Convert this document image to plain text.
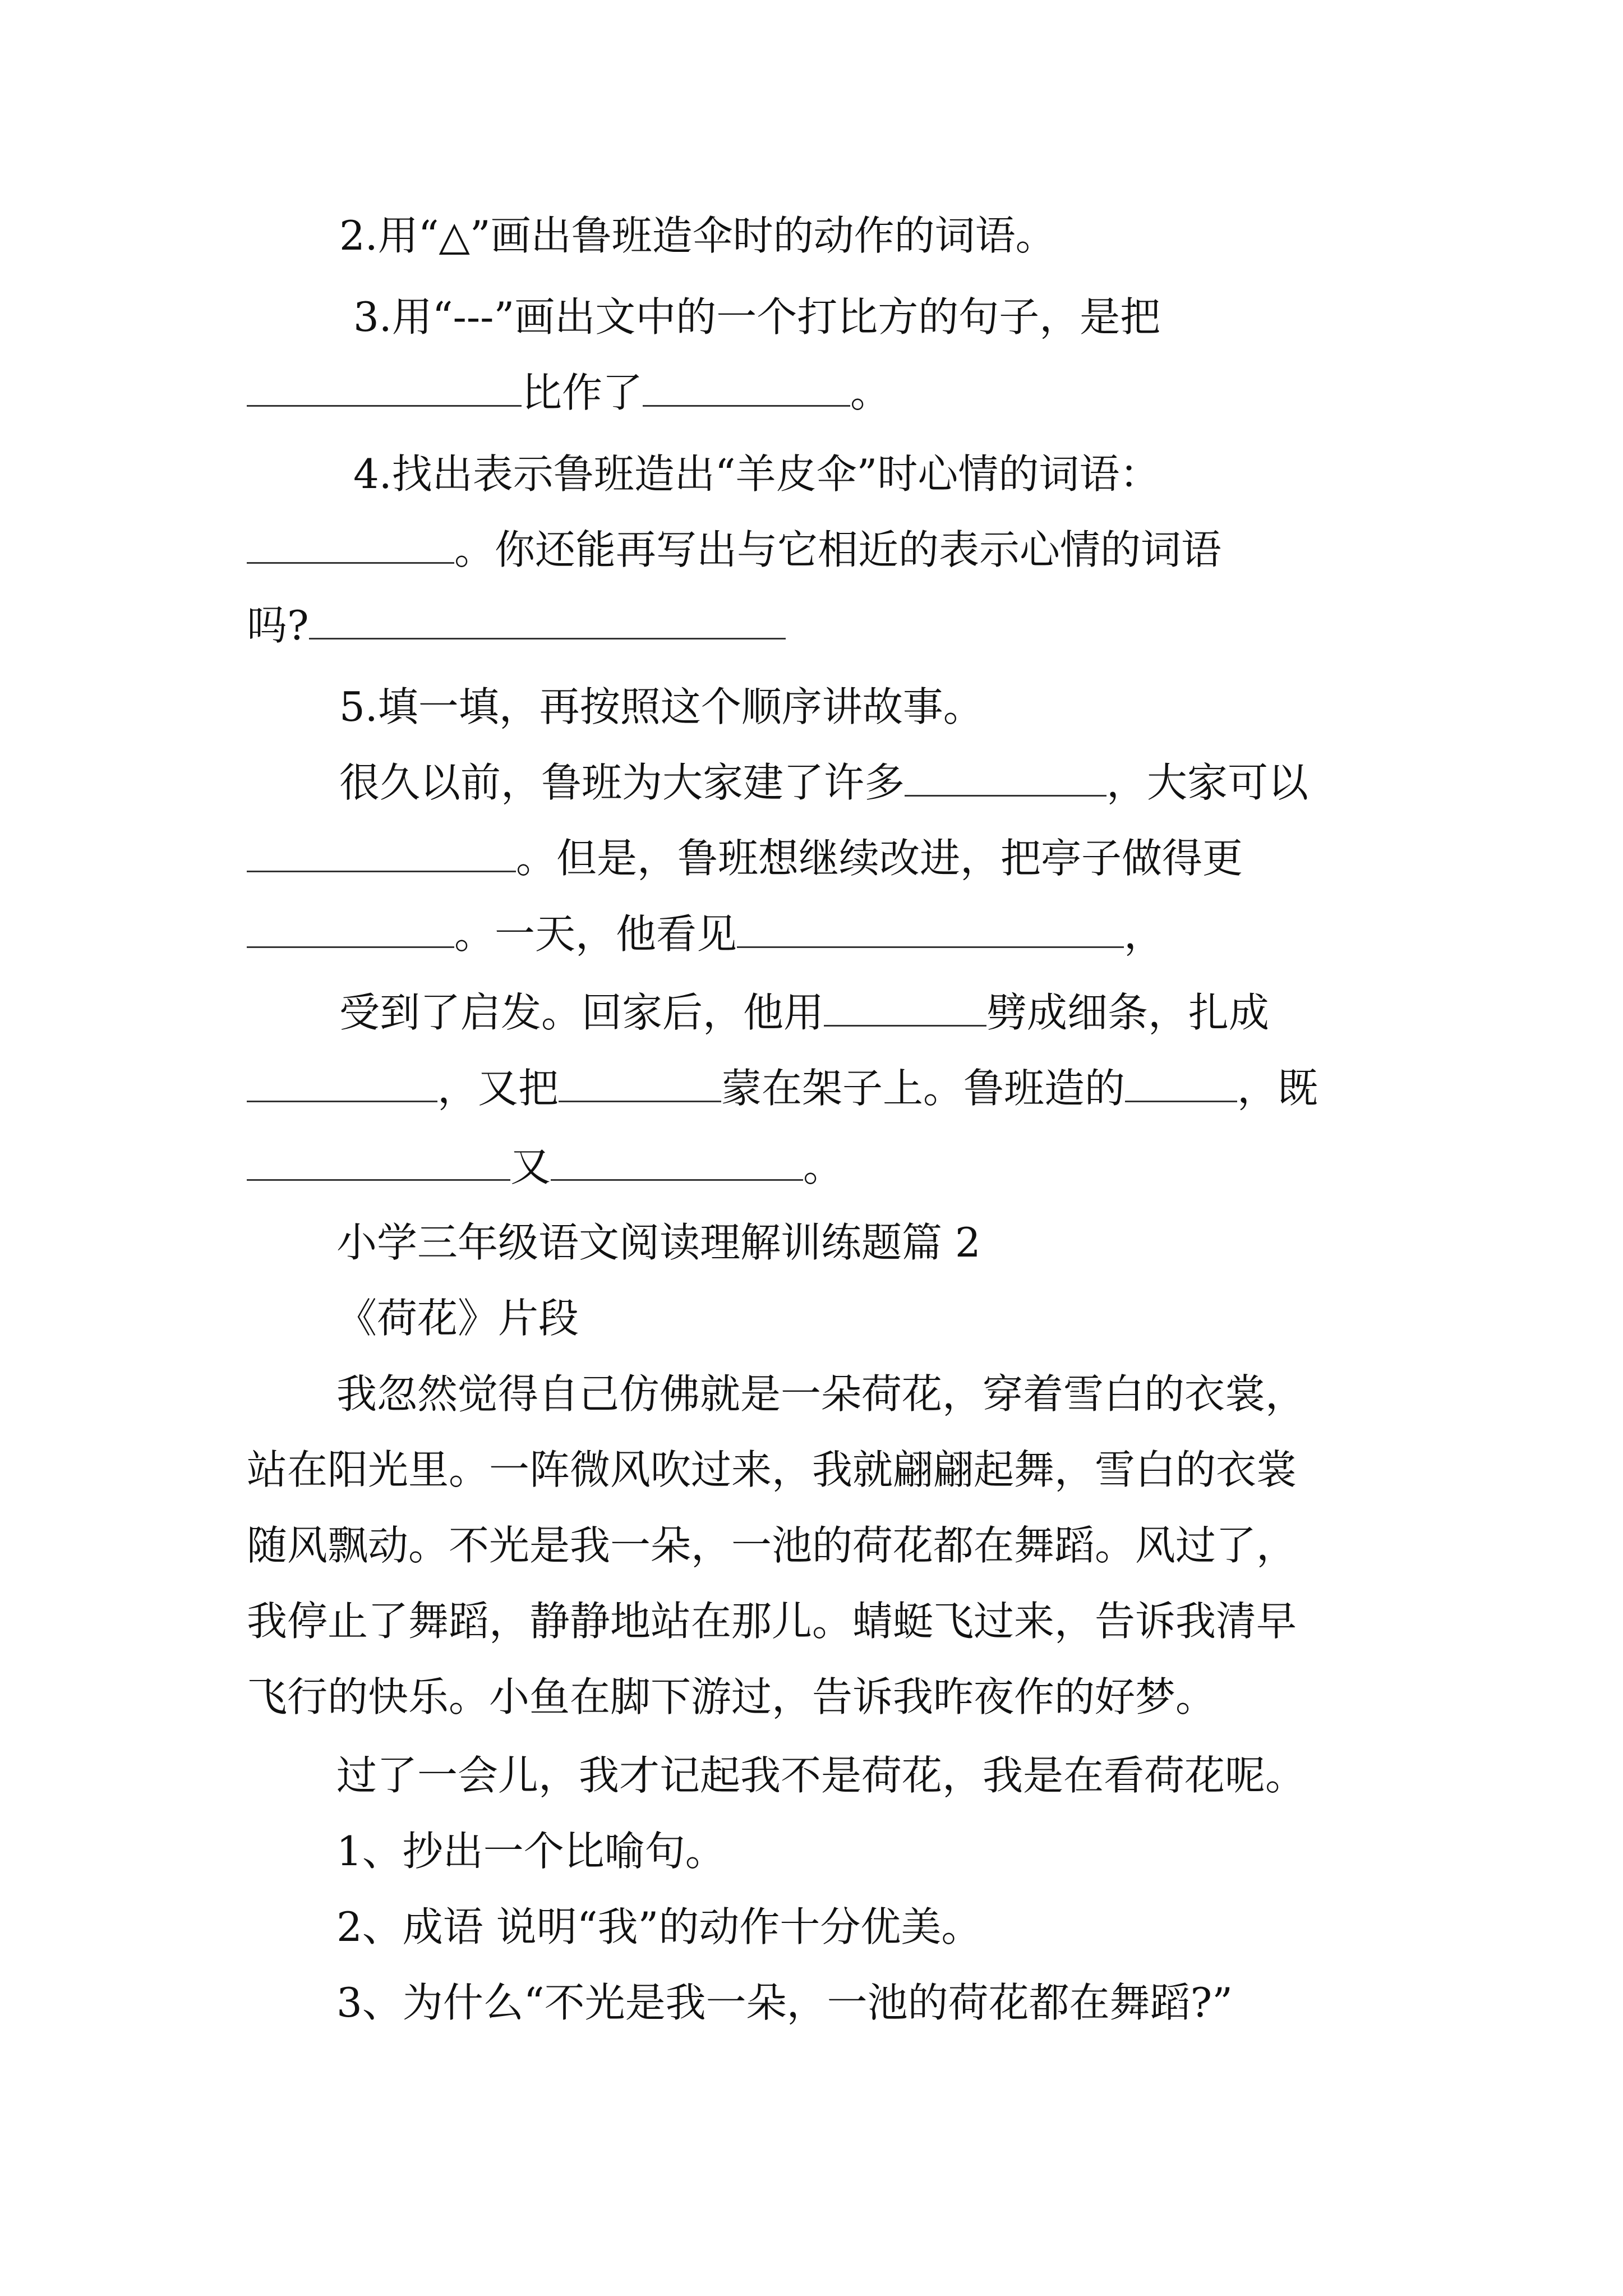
2.用“△”画出鲁班造伞时的动作的词语。
3.用“---”画出文中的一个打比方的句子，是把
比作了	。
4.找出表示鲁班造出“羊皮伞”时心情的词语：
。你还能再写出与它相近的表示心情的词语
吗?
5.填一填，再按照这个顺序讲故事。
很久以前，鲁班为大家建了许多	，大家可以
。但是，鲁班想继续改进，把亭子做得更
。一天，他看见	，
受到了启发。回家后，他用	劈成细条，扎成
，又把	蒙在架子上。鲁班造的	，既
又	。
小学三年级语文阅读理解训练题篇 2
《荷花》片段
我忽然觉得自己仿佛就是一朵荷花，穿着雪白的衣裳，
站在阳光里。一阵微风吹过来，我就翩翩起舞，雪白的衣裳
随风飘动。不光是我一朵，一池的荷花都在舞蹈。风过了，
我停止了舞蹈，静静地站在那儿。蜻蜓飞过来，告诉我清早
飞行的快乐。小鱼在脚下游过，告诉我昨夜作的好梦。
过了一会儿，我才记起我不是荷花，我是在看荷花呢。
1、抄出一个比喻句。
2、成语 说明“我”的动作十分优美。
3、为什么“不光是我一朵，一池的荷花都在舞蹈?”
